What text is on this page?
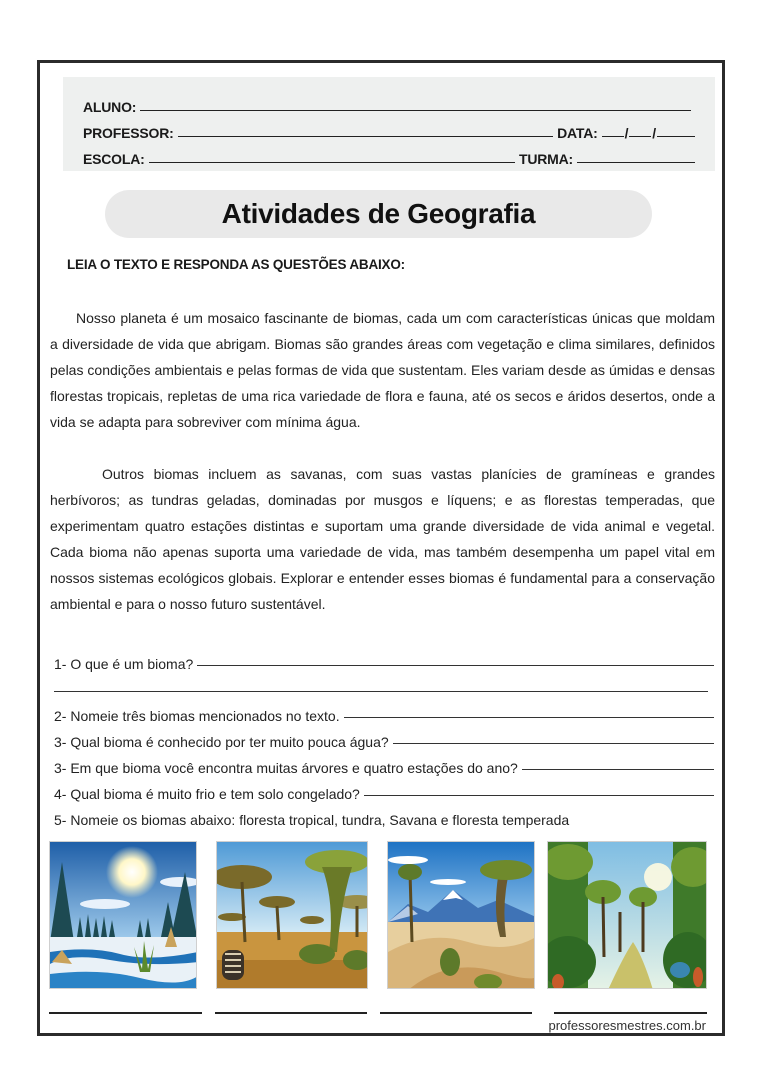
ALUNO:
PROFESSOR:	DATA: / /
ESCOLA:	TURMA:
Atividades de Geografia
LEIA O TEXTO E RESPONDA AS QUESTÕES ABAIXO:

Nosso planeta é um mosaico fascinante de biomas, cada um com características únicas que moldam a diversidade de vida que abrigam. Biomas são grandes áreas com vegetação e clima similares, definidos pelas condições ambientais e pelas formas de vida que sustentam. Eles variam desde as úmidas e densas florestas tropicais, repletas de uma rica variedade de flora e fauna, até os secos e áridos desertos, onde a vida se adapta para sobreviver com mínima água.

Outros biomas incluem as savanas, com suas vastas planícies de gramíneas e grandes herbívoros; as tundras geladas, dominadas por musgos e líquens; e as florestas temperadas, que experimentam quatro estações distintas e suportam uma grande diversidade de vida animal e vegetal. Cada bioma não apenas suporta uma variedade de vida, mas também desempenha um papel vital em nossos sistemas ecológicos globais. Explorar e entender esses biomas é fundamental para a conservação ambiental e para o nosso futuro sustentável.

1- O que é um bioma?
2- Nomeie três biomas mencionados no texto.
3- Qual bioma é conhecido por ter muito pouca água?
3- Em que bioma você encontra muitas árvores e quatro estações do ano?
4- Qual bioma é muito frio e tem solo congelado?
5- Nomeie os biomas abaixo: floresta tropical, tundra, Savana e floresta temperada
professoresmestres.com.br
